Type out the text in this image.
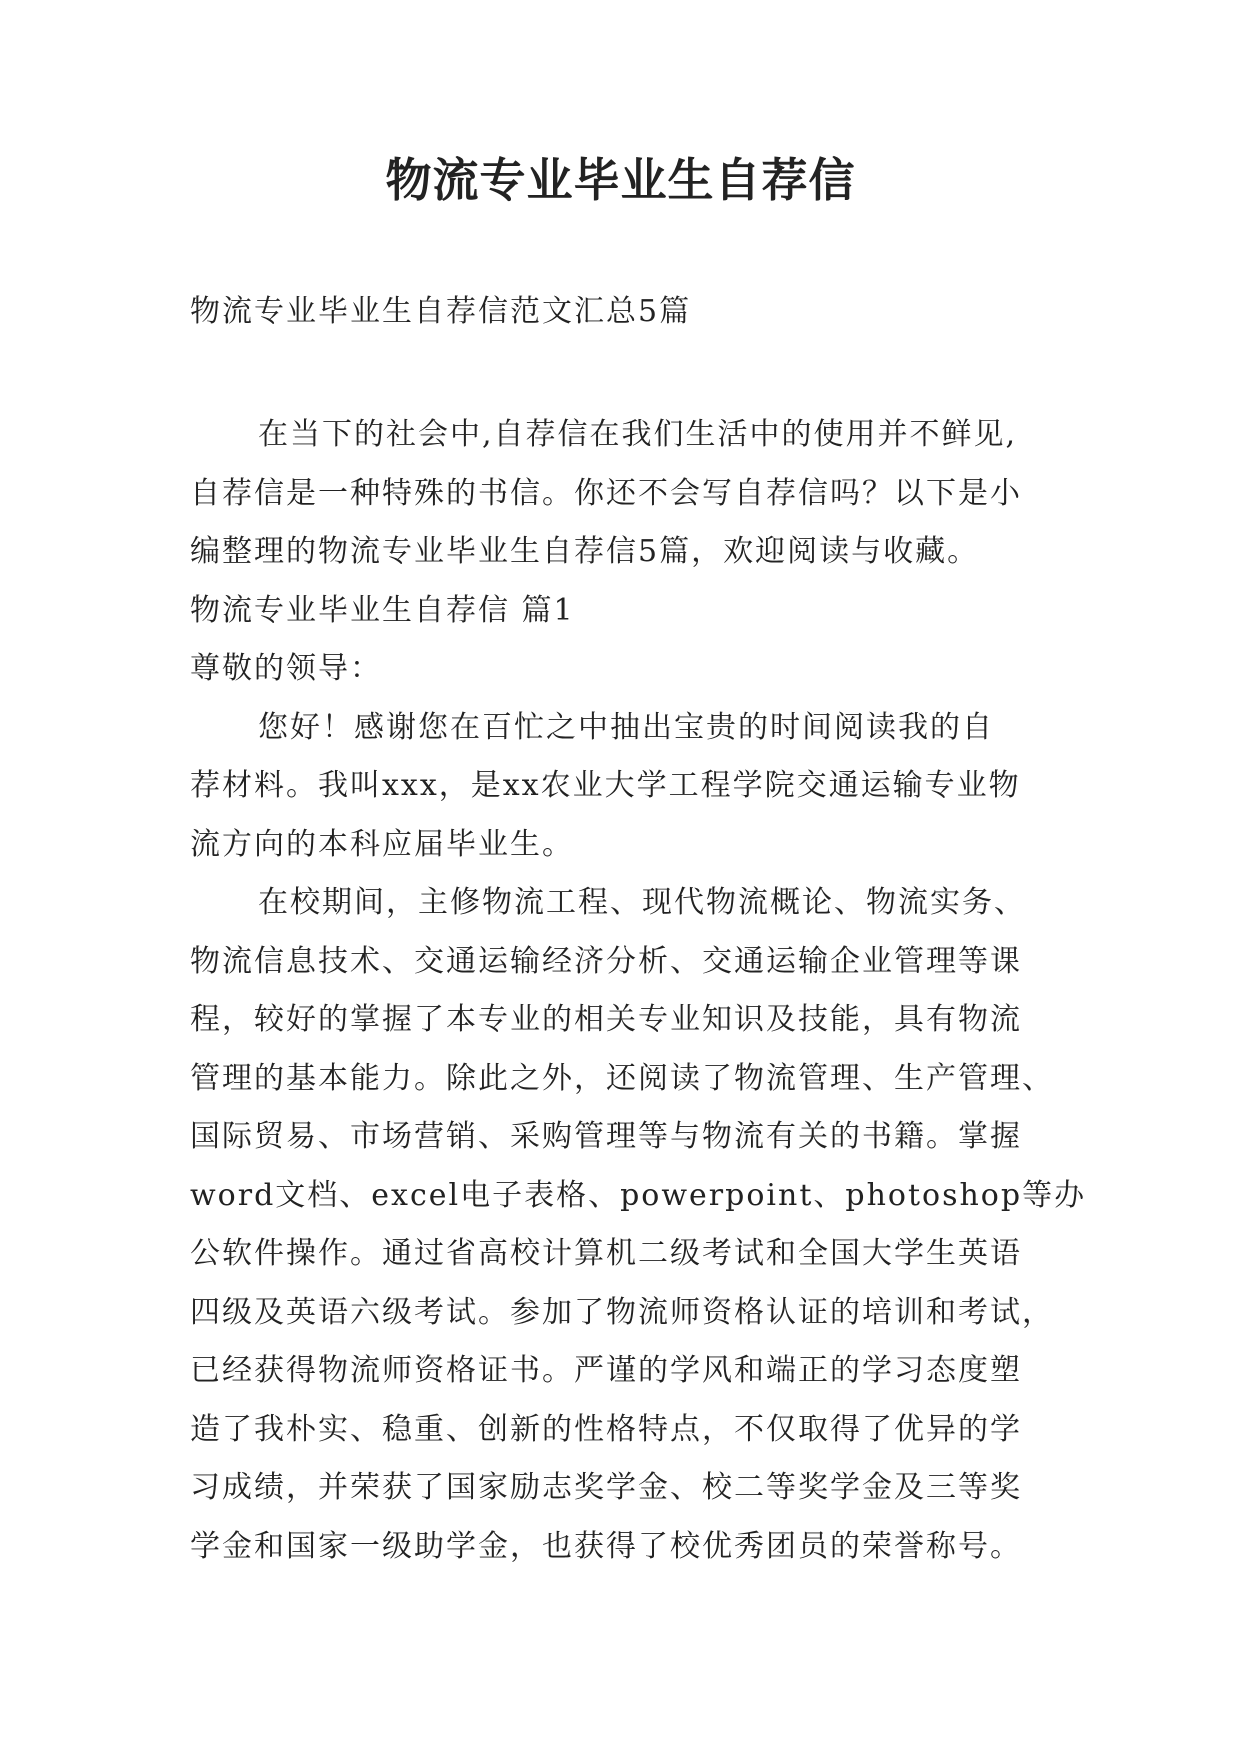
物流专业毕业生自荐信

物流专业毕业生自荐信范文汇总5篇

在当下的社会中,自荐信在我们生活中的使用并不鲜见,
自荐信是一种特殊的书信。你还不会写自荐信吗？以下是小
编整理的物流专业毕业生自荐信5篇，欢迎阅读与收藏。
物流专业毕业生自荐信 篇1
尊敬的领导：
您好！感谢您在百忙之中抽出宝贵的时间阅读我的自
荐材料。我叫xxx，是xx农业大学工程学院交通运输专业物
流方向的本科应届毕业生。
在校期间，主修物流工程、现代物流概论、物流实务、
物流信息技术、交通运输经济分析、交通运输企业管理等课
程，较好的掌握了本专业的相关专业知识及技能，具有物流
管理的基本能力。除此之外，还阅读了物流管理、生产管理、
国际贸易、市场营销、采购管理等与物流有关的书籍。掌握
word文档、excel电子表格、powerpoint、photoshop等办
公软件操作。通过省高校计算机二级考试和全国大学生英语
四级及英语六级考试。参加了物流师资格认证的培训和考试，
已经获得物流师资格证书。严谨的学风和端正的学习态度塑
造了我朴实、稳重、创新的性格特点，不仅取得了优异的学
习成绩，并荣获了国家励志奖学金、校二等奖学金及三等奖
学金和国家一级助学金，也获得了校优秀团员的荣誉称号。
